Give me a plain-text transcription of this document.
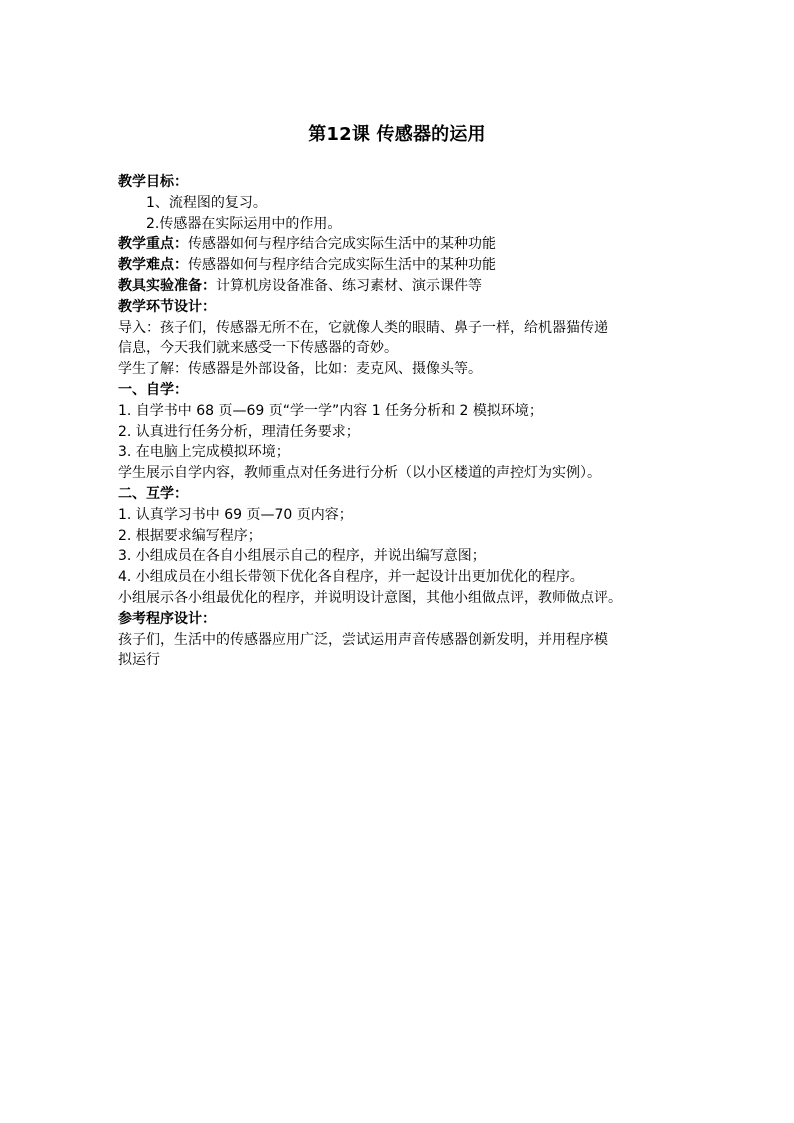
第12课 传感器的运用

教学目标：

1、流程图的复习。

2.传感器在实际运用中的作用。

教学重点：传感器如何与程序结合完成实际生活中的某种功能

教学难点：传感器如何与程序结合完成实际生活中的某种功能

教具实验准备：计算机房设备准备、练习素材、演示课件等

教学环节设计：

导入：孩子们，传感器无所不在，它就像人类的眼睛、鼻子一样，给机器猫传递

信息，今天我们就来感受一下传感器的奇妙。

学生了解：传感器是外部设备，比如：麦克风、摄像头等。

一、自学：

1. 自学书中 68 页—69 页“学一学”内容 1 任务分析和 2 模拟环境；

2. 认真进行任务分析，理清任务要求；

3. 在电脑上完成模拟环境；

学生展示自学内容，教师重点对任务进行分析（以小区楼道的声控灯为实例）。

二、互学：

1. 认真学习书中 69 页—70 页内容；

2. 根据要求编写程序；

3. 小组成员在各自小组展示自己的程序，并说出编写意图；

4. 小组成员在小组长带领下优化各自程序，并一起设计出更加优化的程序。

小组展示各小组最优化的程序，并说明设计意图，其他小组做点评，教师做点评。

参考程序设计：

孩子们，生活中的传感器应用广泛，尝试运用声音传感器创新发明，并用程序模

拟运行
